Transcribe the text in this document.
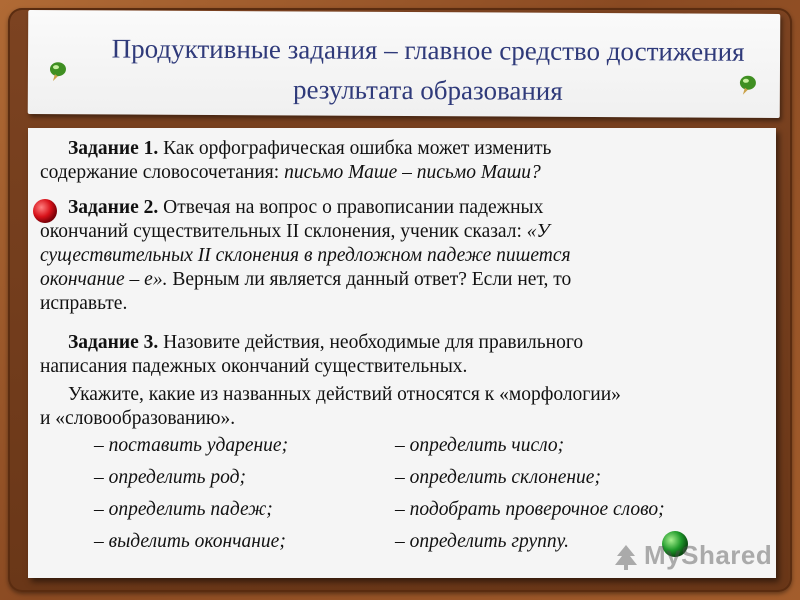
Продуктивные задания – главное средство достижения
результата образования
Задание 1. Как орфографическая ошибка может изменить
содержание словосочетания: письмо Маше – письмо Маши?
Задание 2. Отвечая на вопрос о правописании падежных
окончаний существительных II склонения, ученик сказал: «У
существительных II склонения в предложном падеже пишется
окончание – е». Верным ли является данный ответ? Если нет, то
исправьте.
Задание 3. Назовите действия, необходимые для правильного
написания падежных окончаний существительных.
Укажите, какие из названных действий относятся к «морфологии»
и «словообразованию».
– поставить ударение;
– определить род;
– определить падеж;
– выделить окончание;
– определить число;
– определить склонение;
– подобрать проверочное слово;
– определить группу.	MyShared
